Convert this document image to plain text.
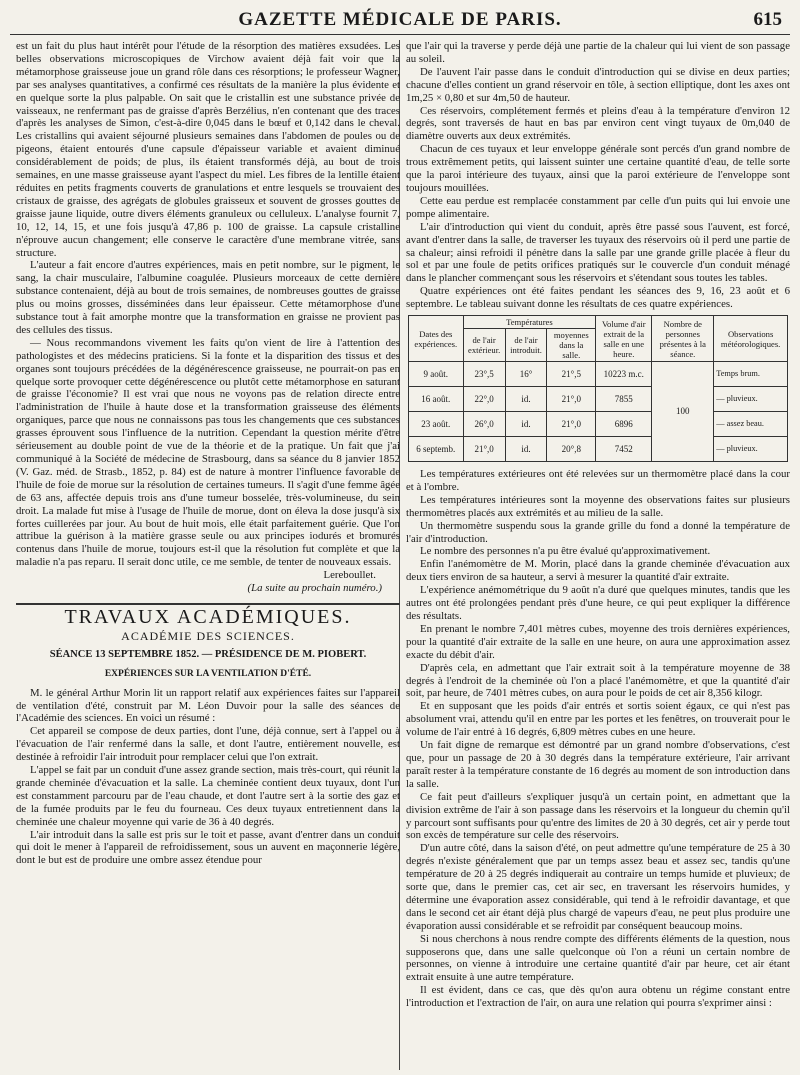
GAZETTE MÉDICALE DE PARIS.	615

est un fait du plus haut intérêt pour l'étude de la résorption des matières exsudées. Les belles observations microscopiques de Virchow avaient déjà fait voir que la métamorphose graisseuse joue un grand rôle dans ces résorptions; le professeur Wagner, par ses analyses quantitatives, a confirmé ces résultats de la manière la plus évidente et en quelque sorte la plus palpable. On sait que le cristallin est une substance privée de vaisseaux, ne renfermant pas de graisse d'après Berzélius, n'en contenant que des traces d'après les analyses de Simon, c'est-à-dire 0,045 dans le bœuf et 0,142 dans le cheval. Les cristallins qui avaient séjourné plusieurs semaines dans l'abdomen de poules ou de pigeons, étaient entourés d'une capsule d'épaisseur variable et avaient diminué considérablement de poids; de plus, ils étaient transformés déjà, au bout de trois semaines, en une masse graisseuse ayant l'aspect du miel. Les fibres de la lentille étaient réduites en petits fragments couverts de granulations et entre lesquels se trouvaient des cristaux de graisse, des agrégats de globules graisseux et souvent de grosses gouttes de graisse jaune liquide, outre divers éléments granuleux ou celluleux. L'analyse fournit 7, 10, 12, 14, 15, et une fois jusqu'à 47,86 p. 100 de graisse. La capsule cristalline n'éprouve aucun changement; elle conserve le caractère d'une membrane vitrée, sans structure.

L'auteur a fait encore d'autres expériences, mais en petit nombre, sur le pigment, le sang, la chair musculaire, l'albumine coagulée. Plusieurs morceaux de cette dernière substance contenaient, déjà au bout de trois semaines, de nombreuses gouttes de graisse plus ou moins grosses, disséminées dans leur épaisseur. Cette métamorphose d'une substance tout à fait amorphe montre que la transformation en graisse ne provient pas des cellules des tissus.

— Nous recommandons vivement les faits qu'on vient de lire à l'attention des pathologistes et des médecins praticiens. Si la fonte et la disparition des tissus et des organes sont toujours précédées de la dégénérescence graisseuse, ne pourrait-on pas en quelque sorte provoquer cette dégénérescence ou plutôt cette métamorphose en saturant de graisse l'économie? Il est vrai que nous ne voyons pas de relation directe entre l'administration de l'huile à haute dose et la transformation graisseuse des éléments organiques, parce que nous ne connaissons pas tous les changements que ces substances grasses éprouvent sous l'influence de la nutrition. Cependant la question mérite d'être sérieusement au double point de vue de la théorie et de la pratique. Un fait que j'ai communiqué à la Société de médecine de Strasbourg, dans sa séance du 8 janvier 1852 (V. Gaz. méd. de Strasb., 1852, p. 84) est de nature à montrer l'influence favorable de l'huile de foie de morue sur la résolution de certaines tumeurs. Il s'agit d'une femme âgée de 63 ans, affectée depuis trois ans d'une tumeur bosselée, très-volumineuse, du sein droit. La malade fut mise à l'usage de l'huile de morue, dont on éleva la dose jusqu'à six fortes cuillerées par jour. Au bout de huit mois, elle était parfaitement guérie. Que l'on attribue la guérison à la matière grasse seule ou aux principes iodurés et bromurés contenus dans l'huile de morue, toujours est-il que la résolution fut complète et que la maladie n'a pas reparu. Il serait donc utile, ce me semble, de tenter de nouveaux essais.

Lereboullet.

(La suite au prochain numéro.)

TRAVAUX ACADÉMIQUES.
ACADÉMIE DES SCIENCES.
SÉANCE 13 SEPTEMBRE 1852. — PRÉSIDENCE DE M. PIOBERT.
EXPÉRIENCES SUR LA VENTILATION D'ÉTÉ.

M. le général Arthur Morin lit un rapport relatif aux expériences faites sur l'appareil de ventilation d'été, construit par M. Léon Duvoir pour la salle des séances de l'Académie des sciences. En voici un résumé :

Cet appareil se compose de deux parties, dont l'une, déjà connue, sert à l'appel ou à l'évacuation de l'air renfermé dans la salle, et dont l'autre, entièrement nouvelle, est destinée à refroidir l'air introduit pour remplacer celui que l'on extrait.

L'appel se fait par un conduit d'une assez grande section, mais très-court, qui réunit la grande cheminée d'évacuation et la salle. La cheminée contient deux tuyaux, dont l'un est constamment parcouru par de l'eau chaude, et dont l'autre sert à la sortie des gaz et de la fumée produits par le feu du fourneau. Ces deux tuyaux entretiennent dans la cheminée une chaleur moyenne qui varie de 36 à 40 degrés.

L'air introduit dans la salle est pris sur le toit et passe, avant d'entrer dans un conduit qui doit le mener à l'appareil de refroidissement, sous un auvent en maçonnerie légère, dont le but est de produire une ombre assez étendue pour

que l'air qui la traverse y perde déjà une partie de la chaleur qui lui vient de son passage au soleil.

De l'auvent l'air passe dans le conduit d'introduction qui se divise en deux parties; chacune d'elles contient un grand réservoir en tôle, à section elliptique, dont les axes ont 1m,25 × 0,80 et sur 4m,50 de hauteur.

Ces réservoirs, complétement fermés et pleins d'eau à la température d'environ 12 degrés, sont traversés de haut en bas par environ cent vingt tuyaux de 0m,040 de diamètre ouverts aux deux extrémités.

Chacun de ces tuyaux et leur enveloppe générale sont percés d'un grand nombre de trous extrêmement petits, qui laissent suinter une certaine quantité d'eau, de telle sorte que la paroi intérieure des tuyaux, ainsi que la paroi extérieure de l'enveloppe sont toujours mouillées.

Cette eau perdue est remplacée constamment par celle d'un puits qui lui envoie une pompe alimentaire.

L'air d'introduction qui vient du conduit, après être passé sous l'auvent, est forcé, avant d'entrer dans la salle, de traverser les tuyaux des réservoirs où il perd une partie de sa chaleur; ainsi refroidi il pénètre dans la salle par une grande grille placée à fleur du sol et par une foule de petits orifices pratiqués sur le couvercle d'un conduit ménagé dans le plancher commençant sous les réservoirs et s'étendant sous toutes les tables.

Quatre expériences ont été faites pendant les séances des 9, 16, 23 août et 6 septembre. Le tableau suivant donne les résultats de ces quatre expériences.

Dates des expériences.	Températures			Volume d'air extrait de la salle en une heure.	Nombre de personnes présentes à la séance.	Observations météorologiques.
	de l'air extérieur.	de l'air introduit.	moyennes dans la salle.			
9 août.	23°,5	16°	21°,5	10223 m.c.	100	Temps brum.
16 août.	22°,0	id.	21°,0	7855		— pluvieux.
23 août.	26°,0	id.	21°,0	6896		— assez beau.
6 septemb.	21°,0	id.	20°,8	7452		— pluvieux.

Les températures extérieures ont été relevées sur un thermomètre placé dans la cour et à l'ombre.

Les températures intérieures sont la moyenne des observations faites sur plusieurs thermomètres placés aux extrémités et au milieu de la salle.

Un thermomètre suspendu sous la grande grille du fond a donné la température de l'air d'introduction.

Le nombre des personnes n'a pu être évalué qu'approximativement.

Enfin l'anémomètre de M. Morin, placé dans la grande cheminée d'évacuation aux deux tiers environ de sa hauteur, a servi à mesurer la quantité d'air extraite.

L'expérience anémométrique du 9 août n'a duré que quelques minutes, tandis que les autres ont été prolongées pendant près d'une heure, ce qui peut expliquer la différence des résultats.

En prenant le nombre 7,401 mètres cubes, moyenne des trois dernières expériences, pour la quantité d'air extraite de la salle en une heure, on aura une approximation assez exacte du débit d'air.

D'après cela, en admettant que l'air extrait soit à la température moyenne de 38 degrés à l'endroit de la cheminée où l'on a placé l'anémomètre, et que la quantité d'air soit, par heure, de 7401 mètres cubes, on aura pour le poids de cet air 8,356 kilogr.

Et en supposant que les poids d'air entrés et sortis soient égaux, ce qui n'est pas absolument vrai, attendu qu'il en entre par les portes et les fenêtres, on trouverait pour le volume de l'air entré à 16 degrés, 6,809 mètres cubes en une heure.

Un fait digne de remarque est démontré par un grand nombre d'observations, c'est que, pour un passage de 20 à 30 degrés dans la température extérieure, l'air arrivant paraît rester à la température constante de 16 degrés au moment de son introduction dans la salle.

Ce fait peut d'ailleurs s'expliquer jusqu'à un certain point, en admettant que la division extrême de l'air à son passage dans les réservoirs et la longueur du chemin qu'il y parcourt sont suffisants pour qu'entre des limites de 20 à 30 degrés, cet air y perde tout son excès de température sur celle des réservoirs.

D'un autre côté, dans la saison d'été, on peut admettre qu'une température de 25 à 30 degrés n'existe généralement que par un temps assez beau et assez sec, tandis qu'une température de 20 à 25 degrés indiquerait au contraire un temps humide et pluvieux; de sorte que, dans le premier cas, cet air sec, en traversant les réservoirs humides, y détermine une évaporation assez considérable, qui tend à le refroidir davantage, et que dans le second cet air étant déjà plus chargé de vapeurs d'eau, ne peut plus produire une évaporation aussi considérable et se refroidit par conséquent beaucoup moins.

Si nous cherchons à nous rendre compte des différents éléments de la question, nous supposerons que, dans une salle quelconque où l'on a réuni un certain nombre de personnes, on vienne à introduire une certaine quantité d'air par heure, cet air étant extrait ensuite à une autre température.

Il est évident, dans ce cas, que dès qu'on aura obtenu un régime constant entre l'introduction et l'extraction de l'air, on aura une relation qui pourra s'exprimer ainsi :
